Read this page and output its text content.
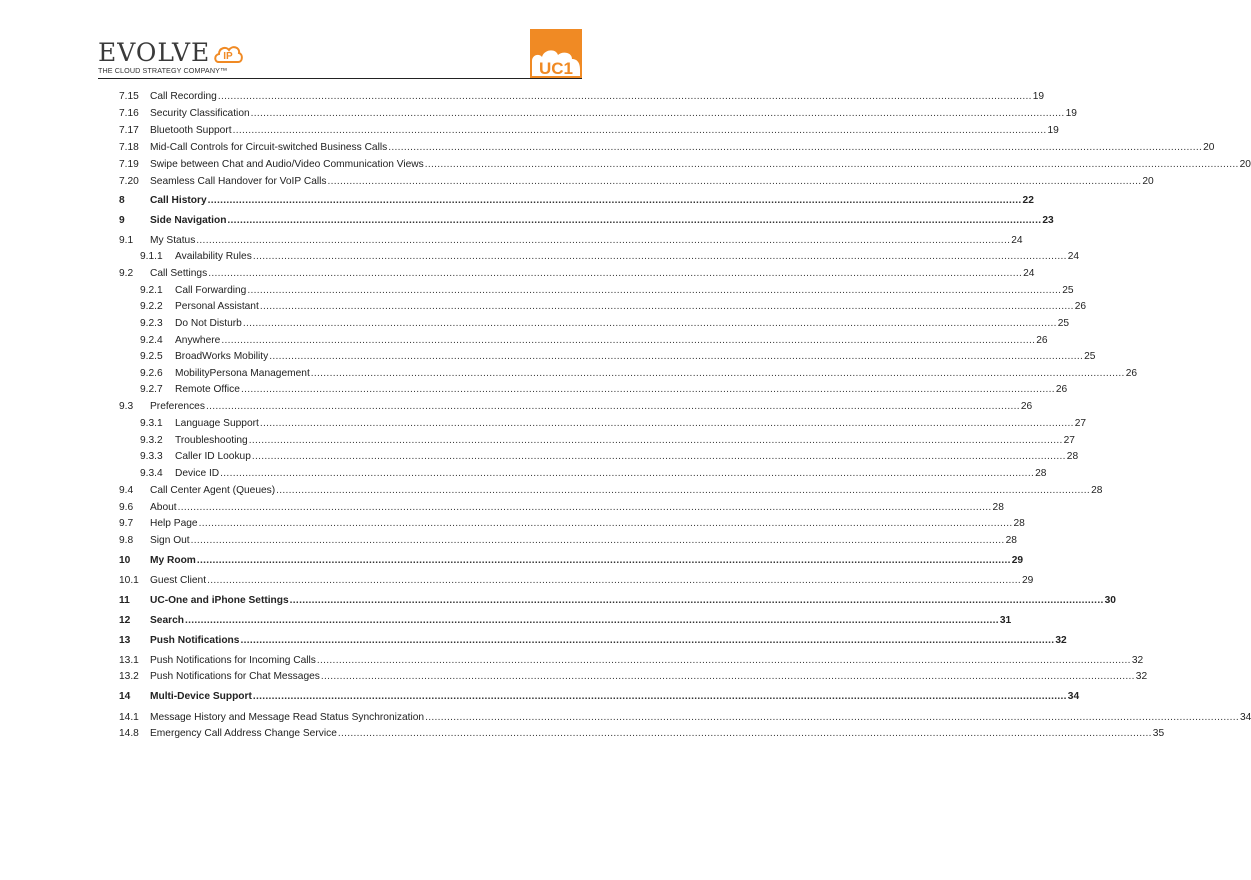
EVOLVE IP
THE CLOUD STRATEGY COMPANY™	UC1
7.15	Call Recording .................................................................................................................................................................................................................................................................... 19
7.16	Security Classification .................................................................................................................................................................................................................................................................... 19
7.17	Bluetooth Support .................................................................................................................................................................................................................................................................... 19
7.18	Mid-Call Controls for Circuit-switched Business Calls .................................................................................................................................................................................................................................................................... 20
7.19	Swipe between Chat and Audio/Video Communication Views .................................................................................................................................................................................................................................................................... 20
7.20	Seamless Call Handover for VoIP Calls .................................................................................................................................................................................................................................................................... 20
8	Call History .................................................................................................................................................................................................................................................................... 22
9	Side Navigation .................................................................................................................................................................................................................................................................... 23
9.1	My Status .................................................................................................................................................................................................................................................................... 24
9.1.1	Availability Rules .................................................................................................................................................................................................................................................................... 24
9.2	Call Settings .................................................................................................................................................................................................................................................................... 24
9.2.1	Call Forwarding .................................................................................................................................................................................................................................................................... 25
9.2.2	Personal Assistant .................................................................................................................................................................................................................................................................... 26
9.2.3	Do Not Disturb .................................................................................................................................................................................................................................................................... 25
9.2.4	Anywhere .................................................................................................................................................................................................................................................................... 26
9.2.5	BroadWorks Mobility .................................................................................................................................................................................................................................................................... 25
9.2.6	MobilityPersona Management .................................................................................................................................................................................................................................................................... 26
9.2.7	Remote Office .................................................................................................................................................................................................................................................................... 26
9.3	Preferences .................................................................................................................................................................................................................................................................... 26
9.3.1	Language Support .................................................................................................................................................................................................................................................................... 27
9.3.2	Troubleshooting .................................................................................................................................................................................................................................................................... 27
9.3.3	Caller ID Lookup .................................................................................................................................................................................................................................................................... 28
9.3.4	Device ID .................................................................................................................................................................................................................................................................... 28
9.4	Call Center Agent (Queues) .................................................................................................................................................................................................................................................................... 28
9.6	About .................................................................................................................................................................................................................................................................... 28
9.7	Help Page .................................................................................................................................................................................................................................................................... 28
9.8	Sign Out .................................................................................................................................................................................................................................................................... 28
10	My Room .................................................................................................................................................................................................................................................................... 29
10.1	Guest Client .................................................................................................................................................................................................................................................................... 29
11	UC-One and iPhone Settings .................................................................................................................................................................................................................................................................... 30
12	Search .................................................................................................................................................................................................................................................................... 31
13	Push Notifications .................................................................................................................................................................................................................................................................... 32
13.1	Push Notifications for Incoming Calls .................................................................................................................................................................................................................................................................... 32
13.2	Push Notifications for Chat Messages .................................................................................................................................................................................................................................................................... 32
14	Multi-Device Support .................................................................................................................................................................................................................................................................... 34
14.1	Message History and Message Read Status Synchronization .................................................................................................................................................................................................................................................................... 34
14.8	Emergency Call Address Change Service .................................................................................................................................................................................................................................................................... 35
